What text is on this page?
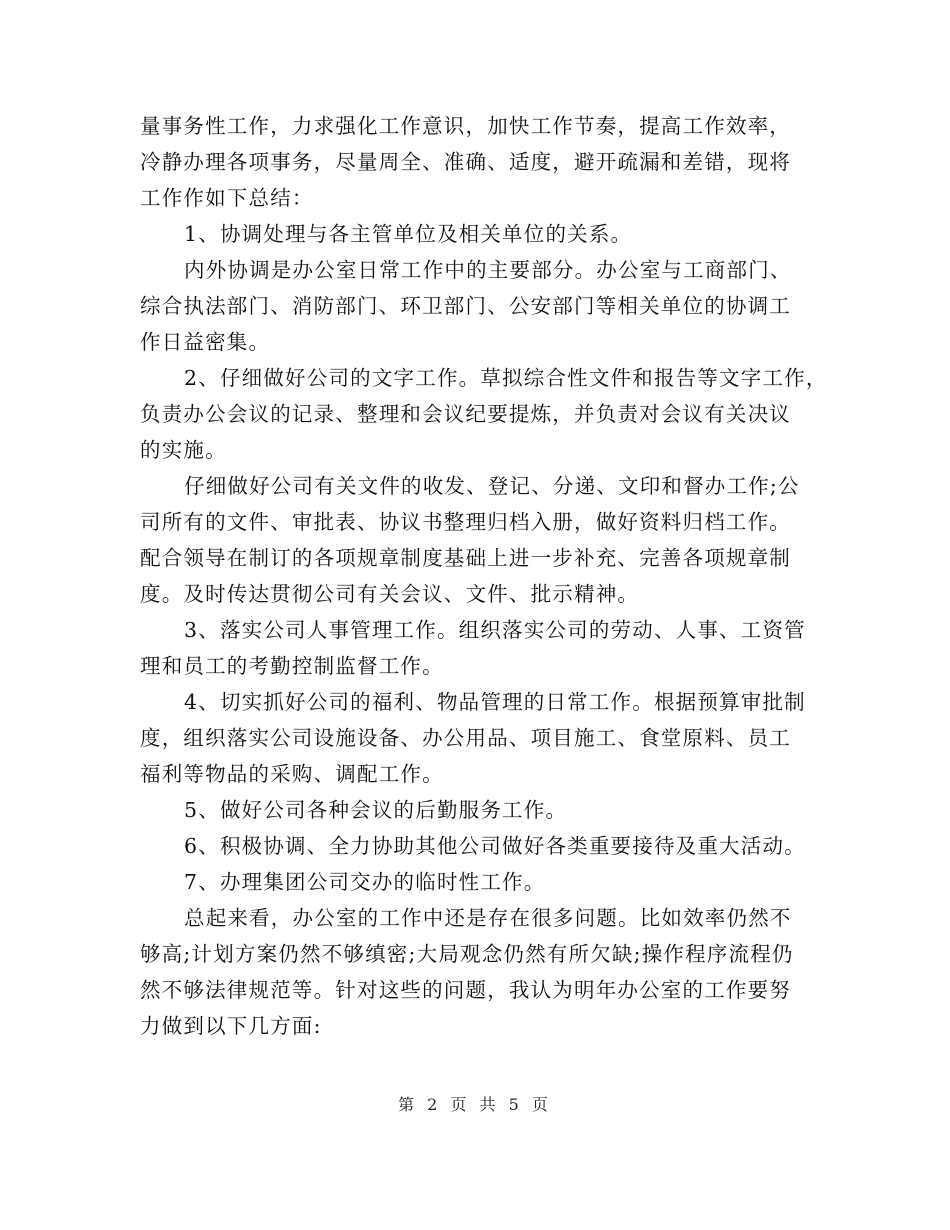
量事务性工作，力求强化工作意识，加快工作节奏，提高工作效率，
冷静办理各项事务，尽量周全、准确、适度，避开疏漏和差错，现将
工作作如下总结：
1、协调处理与各主管单位及相关单位的关系。
内外协调是办公室日常工作中的主要部分。办公室与工商部门、
综合执法部门、消防部门、环卫部门、公安部门等相关单位的协调工
作日益密集。
2、仔细做好公司的文字工作。草拟综合性文件和报告等文字工作，
负责办公会议的记录、整理和会议纪要提炼，并负责对会议有关决议
的实施。
仔细做好公司有关文件的收发、登记、分递、文印和督办工作;公
司所有的文件、审批表、协议书整理归档入册，做好资料归档工作。
配合领导在制订的各项规章制度基础上进一步补充、完善各项规章制
度。及时传达贯彻公司有关会议、文件、批示精神。
3、落实公司人事管理工作。组织落实公司的劳动、人事、工资管
理和员工的考勤控制监督工作。
4、切实抓好公司的福利、物品管理的日常工作。根据预算审批制
度，组织落实公司设施设备、办公用品、项目施工、食堂原料、员工
福利等物品的采购、调配工作。
5、做好公司各种会议的后勤服务工作。
6、积极协调、全力协助其他公司做好各类重要接待及重大活动。
7、办理集团公司交办的临时性工作。
总起来看，办公室的工作中还是存在很多问题。比如效率仍然不
够高;计划方案仍然不够缜密;大局观念仍然有所欠缺;操作程序流程仍
然不够法律规范等。针对这些的问题，我认为明年办公室的工作要努
力做到以下几方面:
第 2 页 共 5 页
